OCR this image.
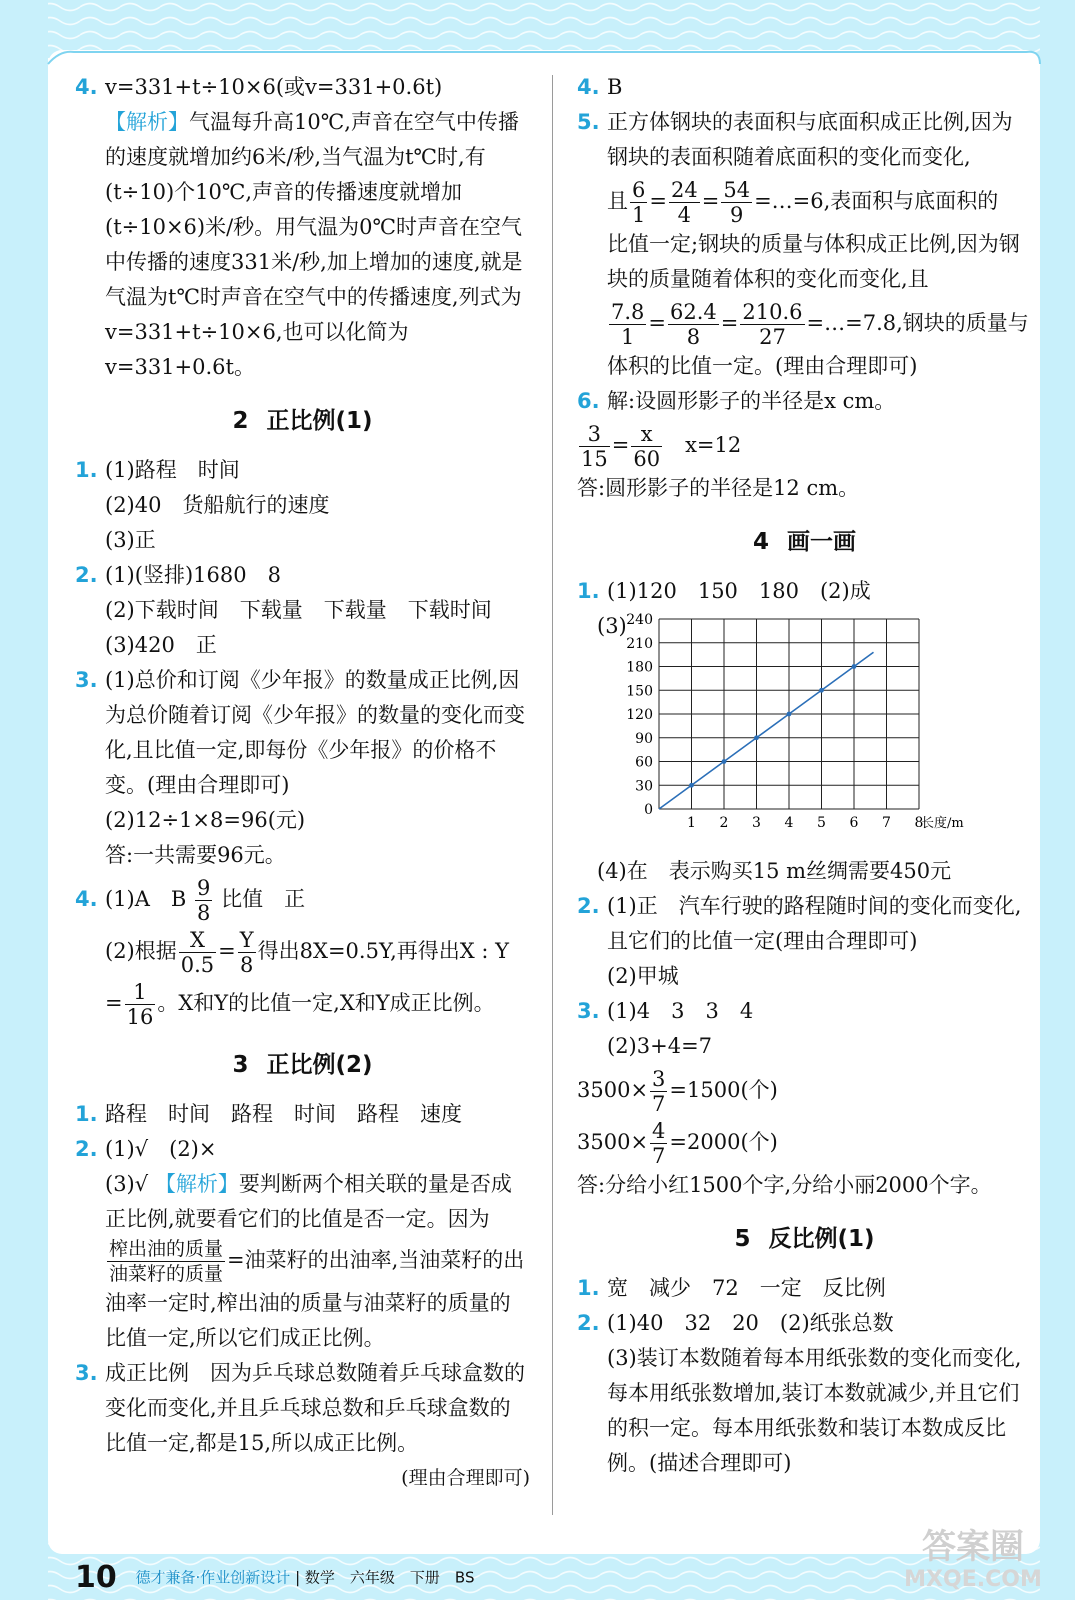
4. v=331+t÷10×6(或v=331+0.6t)
【解析】气温每升高10℃,声音在空气中传播的速度就增加约6米/秒,当气温为t℃时,有(t÷10)个10℃,声音的传播速度就增加(t÷10×6)米/秒。用气温为0℃时声音在空气中传播的速度331米/秒,加上增加的速度,就是气温为t℃时声音在空气中的传播速度,列式为v=331+t÷10×6,也可以化简为v=331+0.6t。
2 正比例(1)
1. (1)路程　时间
(2)40　货船航行的速度
(3)正
2. (1)(竖排)1680　8
(2)下载时间　下载量　下载量　下载时间
(3)420　正
3. (1)总价和订阅《少年报》的数量成正比例,因为总价随着订阅《少年报》的数量的变化而变化,且比值一定,即每份《少年报》的价格不变。(理由合理即可)
(2)12÷1×8=96(元)
答:一共需要96元。
4. (1)A　B $\frac{9}{8}$ 比值　正
(2)根据 $\frac{X}{0.5} = \frac{Y}{8}$ 得出8X=0.5Y,再得出X : Y
= $\frac{1}{16}$ 。X和Y的比值一定,X和Y成正比例。
3 正比例(2)
1. 路程　时间　路程　时间　路程　速度
2. (1)√　(2)×
(3)√ 【解析】要判断两个相关联的量是否成正比例,就要看它们的比值是否一定。因为
榨出油的质量
油菜籽的质量
=油菜籽的出油率,当油菜籽的出油率一定时,榨出油的质量与油菜籽的质量的比值一定,所以它们成正比例。
3. 成正比例　因为乒乓球总数随着乒乓球盒数的变化而变化,并且乒乓球总数和乒乓球盒数的比值一定,都是15,所以成正比例。
(理由合理即可)
4. B
5. 正方体钢块的表面积与底面积成正比例,因为钢块的表面积随着底面积的变化而变化,
且 $\frac{6}{1} = \frac{24}{4} = \frac{54}{9}$ =…=6,表面积与底面积的
比值一定;钢块的质量与体积成正比例,因为钢块的质量随着体积的变化而变化,且
$\frac{7.8}{1} = \frac{62.4}{8} = \frac{210.6}{27}$ =…=7.8,钢块的质量与
体积的比值一定。(理由合理即可)
6. 解:设圆形影子的半径是x cm。
$\frac{3}{15} = \frac{x}{60}$
　 x=12
答:圆形影子的半径是12 cm。
4 画一画
1. (1)120　150　180　(2)成
(3)
1 2 3 4 5 6 7 8
0
30
60
90
120
150
180
210
240
长度/m
(4)在　表示购买15 m丝绸需要450元
2. (1)正　汽车行驶的路程随时间的变化而变化,且它们的比值一定(理由合理即可)
(2)甲城
3. (1)4　3　3　4
(2)3+4=7
$3500\times \frac{3}{7} =1500$(个)
$3500\times \frac{4}{7} =2000$(个)
答:分给小红1500个字,分给小丽2000个字。
5 反比例(1)
1. 宽　减少　72　一定　反比例
2. (1)40　32　20　(2)纸张总数
(3)装订本数随着每本用纸张数的变化而变化,每本用纸张数增加,装订本数就减少,并且它们的积一定。每本用纸张数和装订本数成反比例。(描述合理即可)
10 德才兼备·作业创新设计 | 数学　六年级　下册　BS
答案圈
MXQE.COM
